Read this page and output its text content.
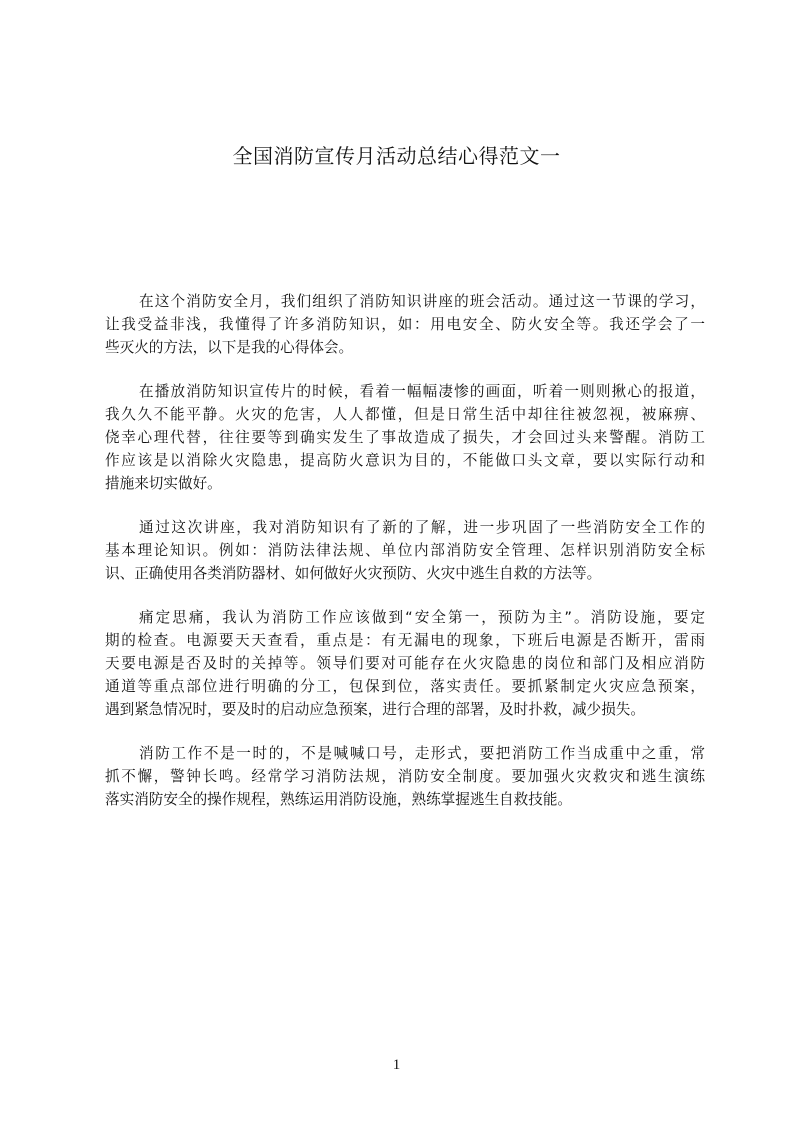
全国消防宣传月活动总结心得范文一

在这个消防安全月，我们组织了消防知识讲座的班会活动。通过这一节课的学习，
让我受益非浅，我懂得了许多消防知识，如：用电安全、防火安全等。我还学会了一
些灭火的方法，以下是我的心得体会。

在播放消防知识宣传片的时候，看着一幅幅凄惨的画面，听着一则则揪心的报道，
我久久不能平静。火灾的危害，人人都懂，但是日常生活中却往往被忽视，被麻痹、
侥幸心理代替，往往要等到确实发生了事故造成了损失，才会回过头来警醒。消防工
作应该是以消除火灾隐患，提高防火意识为目的，不能做口头文章，要以实际行动和
措施来切实做好。

通过这次讲座，我对消防知识有了新的了解，进一步巩固了一些消防安全工作的
基本理论知识。例如：消防法律法规、单位内部消防安全管理、怎样识别消防安全标
识、正确使用各类消防器材、如何做好火灾预防、火灾中逃生自救的方法等。

痛定思痛，我认为消防工作应该做到“安全第一，预防为主”。消防设施，要定
期的检查。电源要天天查看，重点是：有无漏电的现象，下班后电源是否断开，雷雨
天要电源是否及时的关掉等。领导们要对可能存在火灾隐患的岗位和部门及相应消防
通道等重点部位进行明确的分工，包保到位，落实责任。要抓紧制定火灾应急预案，
遇到紧急情况时，要及时的启动应急预案，进行合理的部署，及时扑救，减少损失。

消防工作不是一时的，不是喊喊口号，走形式，要把消防工作当成重中之重，常
抓不懈，警钟长鸣。经常学习消防法规，消防安全制度。要加强火灾救灾和逃生演练
落实消防安全的操作规程，熟练运用消防设施，熟练掌握逃生自救技能。

1
